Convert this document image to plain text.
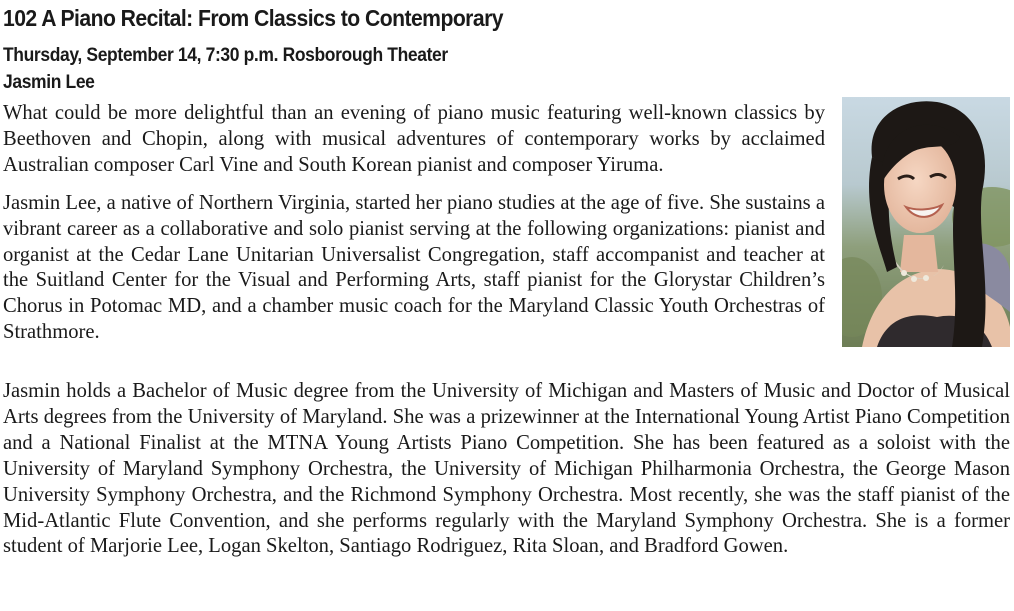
102 A Piano Recital: From Classics to Contemporary
Thursday, September 14, 7:30 p.m. Rosborough Theater
Jasmin Lee

What could be more delightful than an evening of piano music featuring well-known classics by Beethoven and Chopin, along with musical adventures of contemporary works by acclaimed Australian composer Carl Vine and South Korean pianist and composer Yiruma.

Jasmin Lee, a native of Northern Virginia, started her piano studies at the age of five. She sustains a vibrant career as a collaborative and solo pianist serving at the following organizations: pianist and organist at the Cedar Lane Unitarian Universalist Congregation, staff accompanist and teacher at the Suitland Center for the Visual and Performing Arts, staff pianist for the Glorystar Children’s Chorus in Potomac MD, and a chamber music coach for the Maryland Classic Youth Orchestras of Strathmore.

Jasmin holds a Bachelor of Music degree from the University of Michigan and Masters of Music and Doctor of Musical Arts degrees from the University of Maryland. She was a prizewinner at the International Young Artist Piano Competition and a National Finalist at the MTNA Young Artists Piano Competition. She has been featured as a soloist with the University of Maryland Symphony Orchestra, the University of Michigan Philharmonia Orchestra, the George Mason University Symphony Orchestra, and the Richmond Symphony Orchestra. Most recently, she was the staff pianist of the Mid-Atlantic Flute Convention, and she performs regularly with the Maryland Symphony Orchestra. She is a former student of Marjorie Lee, Logan Skelton, Santiago Rodriguez, Rita Sloan, and Bradford Gowen.
